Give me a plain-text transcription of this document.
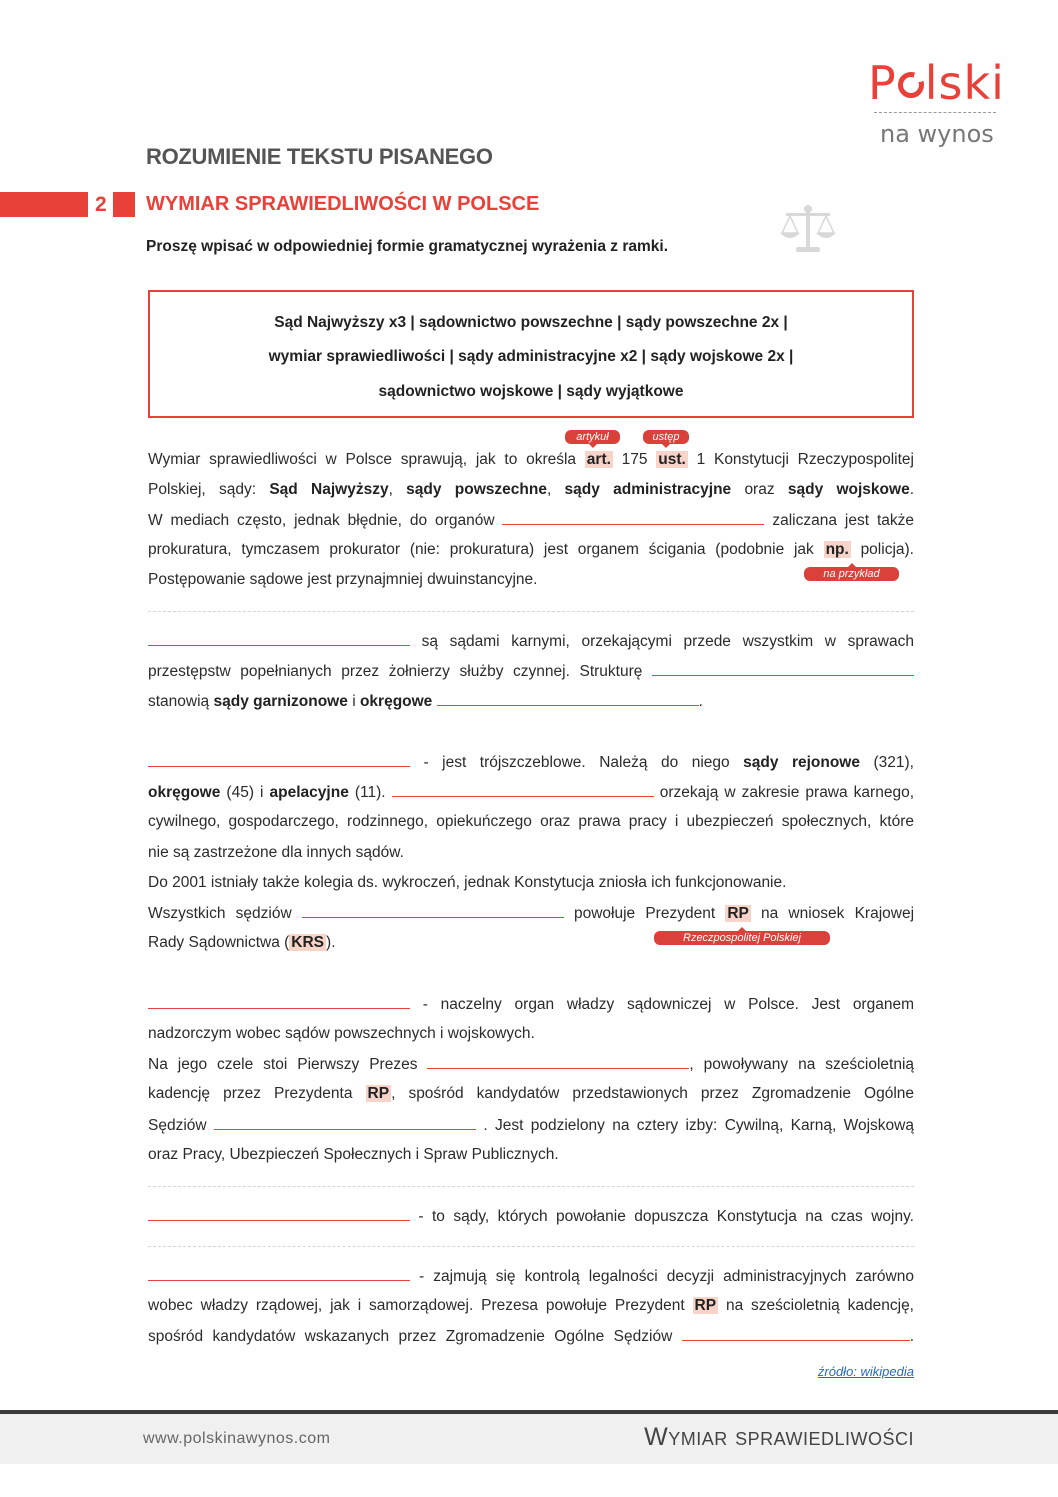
P lski
na wynos
ROZUMIENIE TEKSTU PISANEGO
2 WYMIAR SPRAWIEDLIWOŚCI W POLSCE
Proszę wpisać w odpowiedniej formie gramatycznej wyrażenia z ramki.
Sąd Najwyższy x3 | sądownictwo powszechne | sądy powszechne 2x |
wymiar sprawiedliwości | sądy administracyjne x2 | sądy wojskowe 2x |
sądownictwo wojskowe | sądy wyjątkowe
artykuł	ustęp
na przykład
Rzeczpospolitej Polskiej
Wymiar sprawiedliwości w Polsce sprawują, jak to określa art. 175 ust. 1 Konstytucji Rzeczypospolitej
Polskiej, sądy: Sąd Najwyższy, sądy powszechne, sądy administracyjne oraz sądy wojskowe.
W mediach często, jednak błędnie, do organów	zaliczana jest także
prokuratura, tymczasem prokurator (nie: prokuratura) jest organem ścigania (podobnie jak np. policja).
Postępowanie sądowe jest przynajmniej dwuinstancyjne.
są sądami karnymi, orzekającymi przede wszystkim w sprawach
przestępstw popełnianych przez żołnierzy służby czynnej. Strukturę
stanowią sądy garnizonowe i okręgowe	.
- jest trójszczeblowe. Należą do niego sądy rejonowe (321),
okręgowe (45) i apelacyjne (11).	orzekają w zakresie prawa karnego,
cywilnego, gospodarczego, rodzinnego, opiekuńczego oraz prawa pracy i ubezpieczeń społecznych, które
nie są zastrzeżone dla innych sądów.
Do 2001 istniały także kolegia ds. wykroczeń, jednak Konstytucja zniosła ich funkcjonowanie.
Wszystkich sędziów	powołuje Prezydent RP na wniosek Krajowej
Rady Sądownictwa ( KRS ).
- naczelny organ władzy sądowniczej w Polsce. Jest organem
nadzorczym wobec sądów powszechnych i wojskowych.
Na jego czele stoi Pierwszy Prezes	, powoływany na sześcioletnią
kadencję przez Prezydenta RP , spośród kandydatów przedstawionych przez Zgromadzenie Ogólne
Sędziów	. Jest podzielony na cztery izby: Cywilną, Karną, Wojskową
oraz Pracy, Ubezpieczeń Społecznych i Spraw Publicznych.
- to sądy, których powołanie dopuszcza Konstytucja na czas wojny.
- zajmują się kontrolą legalności decyzji administracyjnych zarówno
wobec władzy rządowej, jak i samorządowej. Prezesa powołuje Prezydent RP na sześcioletnią kadencję,
spośród kandydatów wskazanych przez Zgromadzenie Ogólne Sędziów	.
źródło: wikipedia
www.polskinawynos.com	Wymiar sprawiedliwości
